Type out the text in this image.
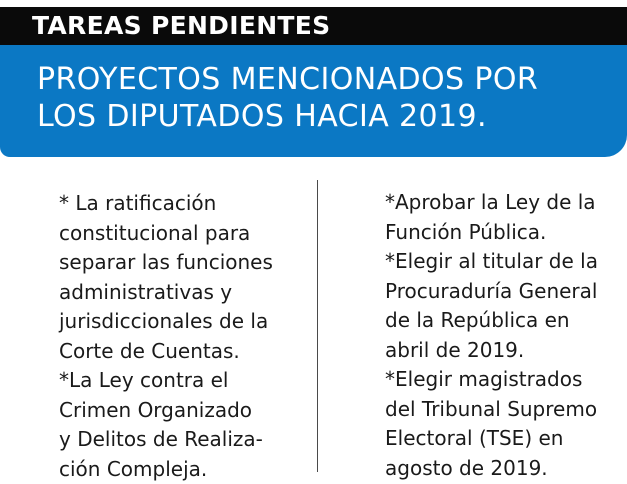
TAREAS PENDIENTES
PROYECTOS MENCIONADOS POR
LOS DIPUTADOS HACIA 2019.
* La ratificación
constitucional para
separar las funciones
administrativas y
jurisdiccionales de la
Corte de Cuentas.
*La Ley contra el
Crimen Organizado
y Delitos de Realiza-
ción Compleja.
*Aprobar la Ley de la
Función Pública.
*Elegir al titular de la
Procuraduría General
de la República en
abril de 2019.
*Elegir magistrados
del Tribunal Supremo
Electoral (TSE) en
agosto de 2019.
